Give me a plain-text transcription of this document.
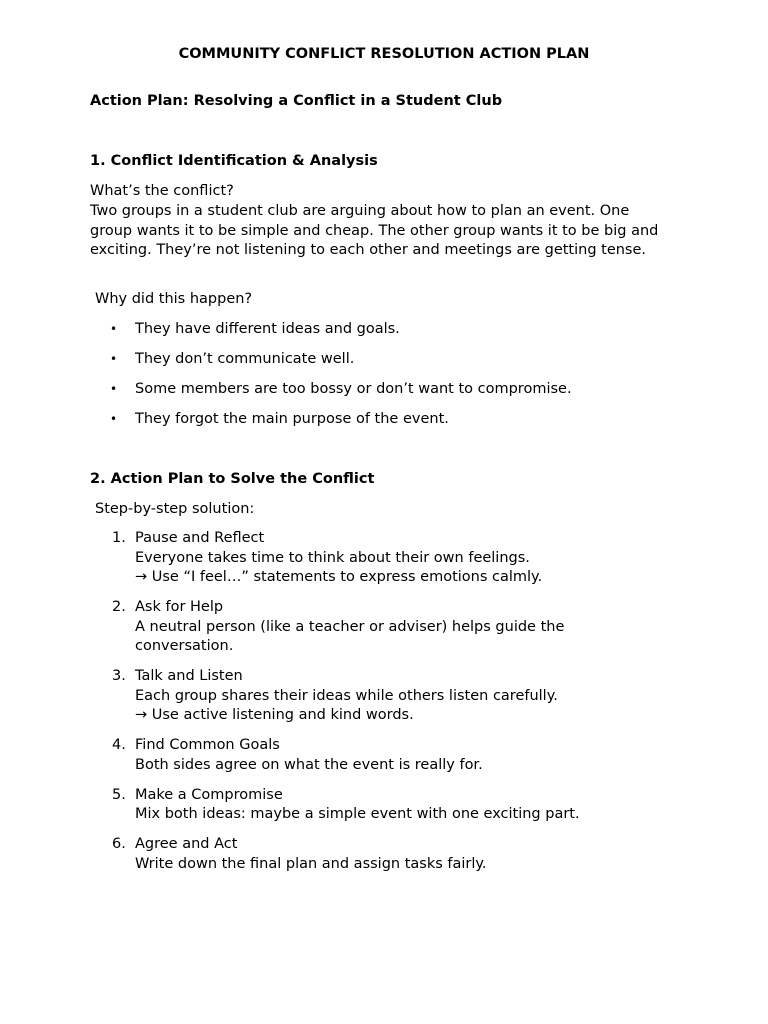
COMMUNITY CONFLICT RESOLUTION ACTION PLAN
Action Plan: Resolving a Conflict in a Student Club
1. Conflict Identification & Analysis

What’s the conflict?

Two groups in a student club are arguing about how to plan an event. One group wants it to be simple and cheap. The other group wants it to be big and exciting. They’re not listening to each other and meetings are getting tense.

Why did this happen?

• They have different ideas and goals.
• They don’t communicate well.
• Some members are too bossy or don’t want to compromise.
• They forgot the main purpose of the event.
2. Action Plan to Solve the Conflict

Step-by-step solution:

1. Pause and Reflect
Everyone takes time to think about their own feelings.
→ Use “I feel…” statements to express emotions calmly.
2. Ask for Help
A neutral person (like a teacher or adviser) helps guide the conversation.
3. Talk and Listen
Each group shares their ideas while others listen carefully.
→ Use active listening and kind words.
4. Find Common Goals
Both sides agree on what the event is really for.
5. Make a Compromise
Mix both ideas: maybe a simple event with one exciting part.
6. Agree and Act
Write down the final plan and assign tasks fairly.
